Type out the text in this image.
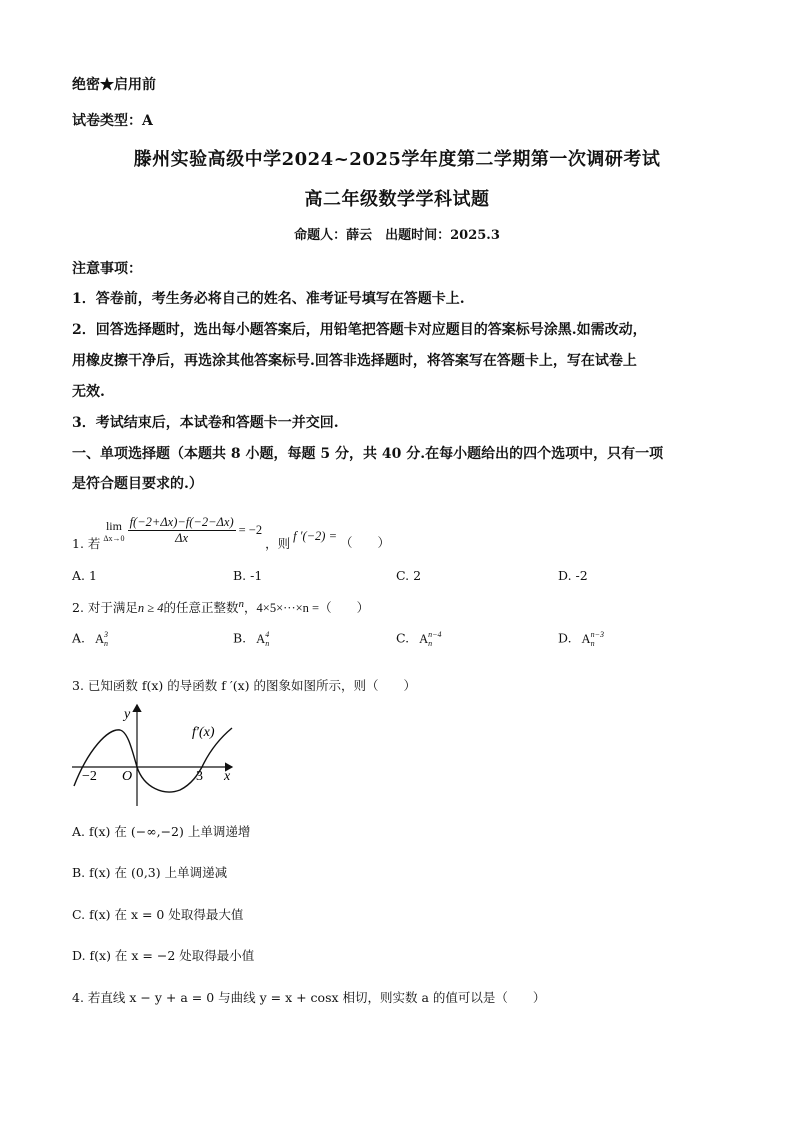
绝密★启用前
试卷类型：A
滕州实验高级中学2024~2025学年度第二学期第一次调研考试
高二年级数学学科试题
命题人：薛云　出题时间：2025.3
注意事项：
1．答卷前，考生务必将自己的姓名、准考证号填写在答题卡上.
2．回答选择题时，选出每小题答案后，用铅笔把答题卡对应题目的答案标号涂黑.如需改动，
用橡皮擦干净后，再选涂其他答案标号.回答非选择题时，将答案写在答题卡上，写在试卷上
无效.
3．考试结束后，本试卷和答题卡一并交回.
一、单项选择题（本题共 8 小题，每题 5 分，共 40 分.在每小题给出的四个选项中，只有一项
是符合题目要求的.）
1. 若
lim
$\Delta x\to 0 \frac{f(-2+\Delta x)-f(-2-\Delta x)}{\Delta x} = -2$
，则
f ′(−2) = （　　）
A. 1	B. -1	C. 2	D. -2
2. 对于满足n ≥ 4的任意正整数$^n$，4×5×···×n =（　　）
A. A 3
n	B. A 4
n	C. A n−4
n	D. A n−3
n
3. 已知函数 f(x) 的导函数 f ′(x) 的图象如图所示，则（　　）
y
x
O
−2	3
f′(x)
A. f(x) 在 (−∞,−2) 上单调递增
B. f(x) 在 (0,3) 上单调递减
C. f(x) 在 x = 0 处取得最大值
D. f(x) 在 x = −2 处取得最小值
4. 若直线 x − y + a = 0 与曲线 y = x + cosx 相切，则实数 a 的值可以是（　　）
